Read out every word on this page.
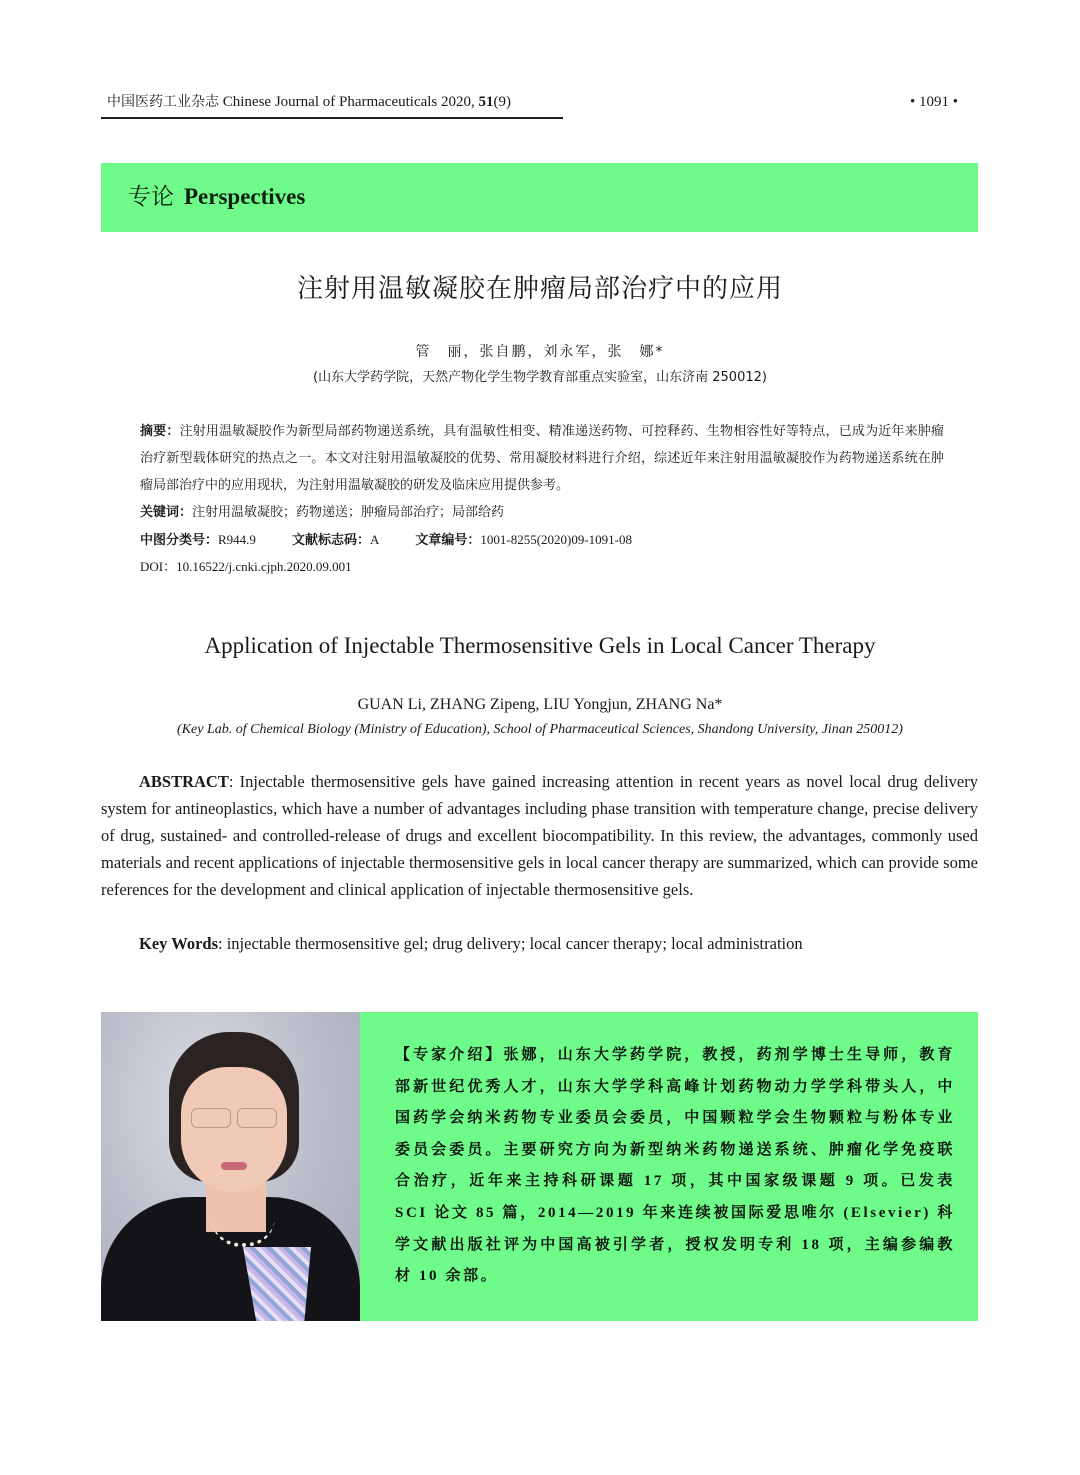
中国医药工业杂志 Chinese Journal of Pharmaceuticals 2020, 51(9)	• 1091 •
专论 Perspectives
注射用温敏凝胶在肿瘤局部治疗中的应用
管　丽，张自鹏，刘永军，张　娜*
(山东大学药学院，天然产物化学生物学教育部重点实验室，山东济南 250012)
摘要：注射用温敏凝胶作为新型局部药物递送系统，具有温敏性相变、精准递送药物、可控释药、生物相容性好等特点，已成为近年来肿瘤治疗新型载体研究的热点之一。本文对注射用温敏凝胶的优势、常用凝胶材料进行介绍，综述近年来注射用温敏凝胶作为药物递送系统在肿瘤局部治疗中的应用现状，为注射用温敏凝胶的研发及临床应用提供参考。
关键词：注射用温敏凝胶；药物递送；肿瘤局部治疗；局部给药
中图分类号：R944.9	文献标志码：A	文章编号：1001-8255(2020)09-1091-08
DOI：10.16522/j.cnki.cjph.2020.09.001
Application of Injectable Thermosensitive Gels in Local Cancer Therapy
GUAN Li, ZHANG Zipeng, LIU Yongjun, ZHANG Na*
(Key Lab. of Chemical Biology (Ministry of Education), School of Pharmaceutical Sciences, Shandong University, Jinan 250012)
ABSTRACT: Injectable thermosensitive gels have gained increasing attention in recent years as novel local drug delivery system for antineoplastics, which have a number of advantages including phase transition with temperature change, precise delivery of drug, sustained- and controlled-release of drugs and excellent biocompatibility. In this review, the advantages, commonly used materials and recent applications of injectable thermosensitive gels in local cancer therapy are summarized, which can provide some references for the development and clinical application of injectable thermosensitive gels.
Key Words: injectable thermosensitive gel; drug delivery; local cancer therapy; local administration
【专家介绍】张娜，山东大学药学院，教授，药剂学博士生导师，教育部新世纪优秀人才，山东大学学科高峰计划药物动力学学科带头人，中国药学会纳米药物专业委员会委员，中国颗粒学会生物颗粒与粉体专业委员会委员。主要研究方向为新型纳米药物递送系统、肿瘤化学免疫联合治疗，近年来主持科研课题 17 项，其中国家级课题 9 项。已发表 SCI 论文 85 篇，2014—2019 年来连续被国际爱思唯尔 (Elsevier) 科学文献出版社评为中国高被引学者，授权发明专利 18 项，主编参编教材 10 余部。
